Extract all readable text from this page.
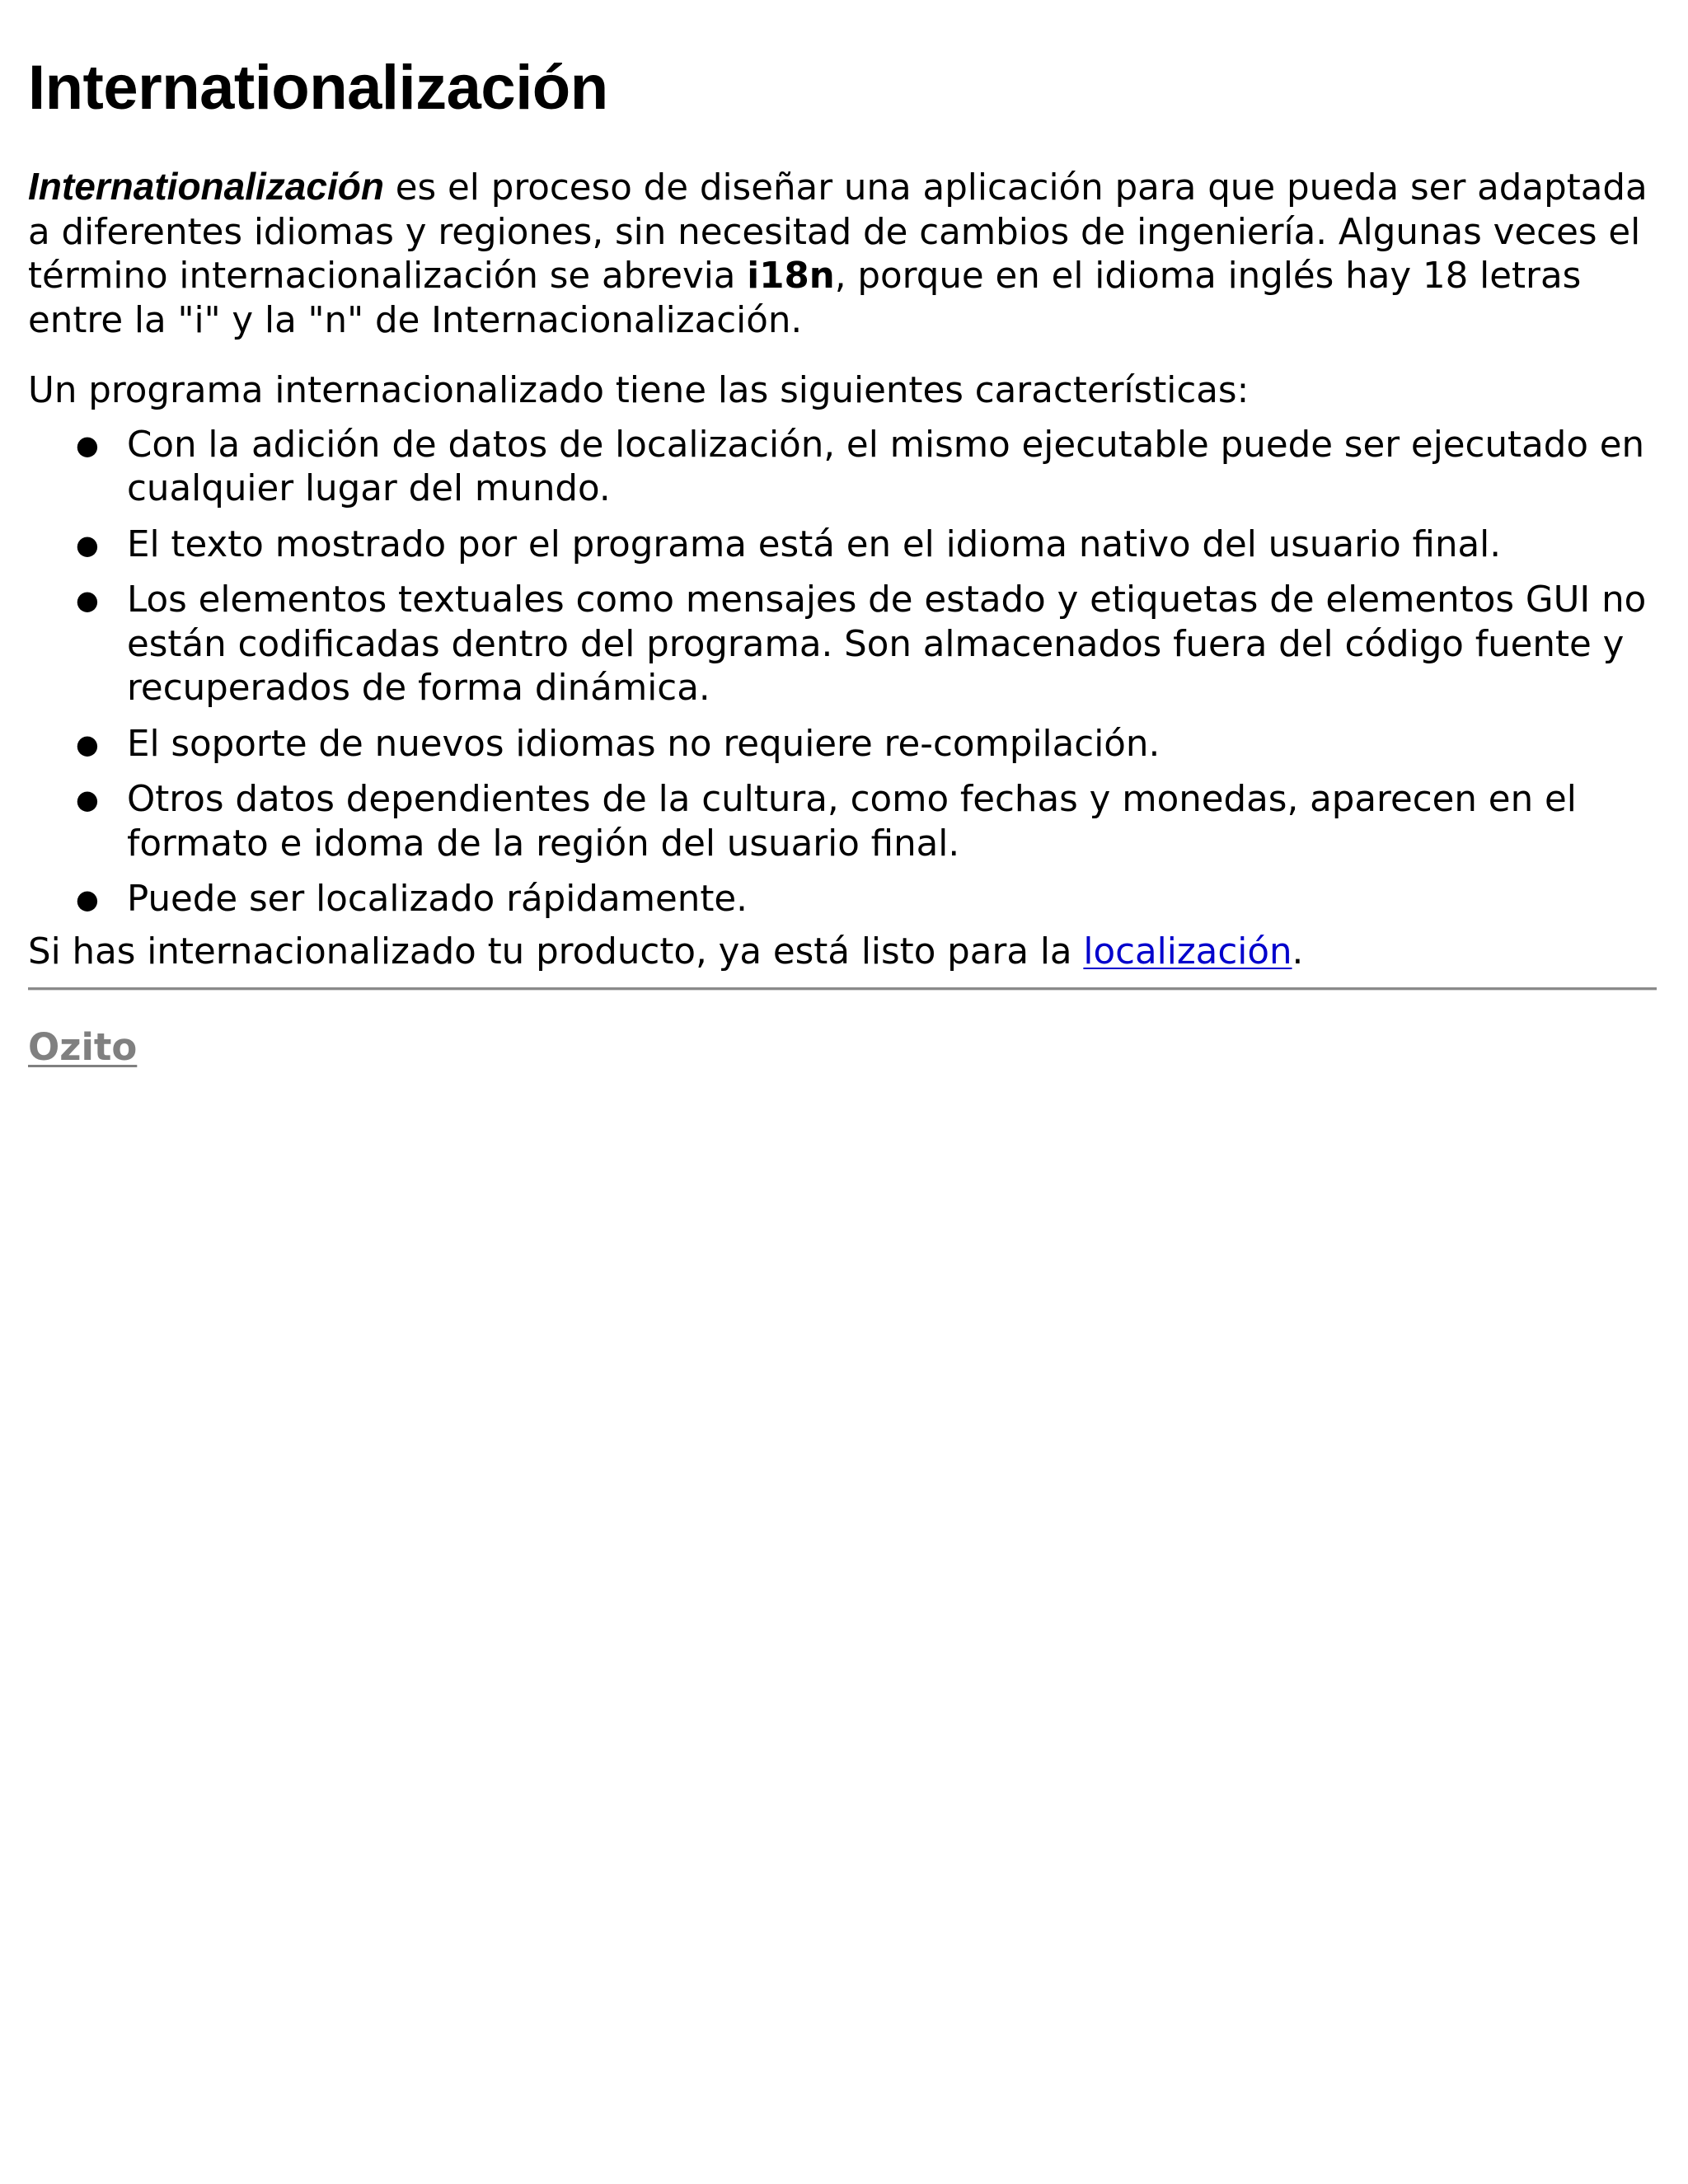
Internationalización

Internationalización es el proceso de diseñar una aplicación para que pueda ser adaptada a diferentes idiomas y regiones, sin necesitad de cambios de ingeniería. Algunas veces el término internacionalización se abrevia i18n, porque en el idioma inglés hay 18 letras entre la "i" y la "n" de Internacionalización.

Un programa internacionalizado tiene las siguientes características:

● Con la adición de datos de localización, el mismo ejecutable puede ser ejecutado en cualquier lugar del mundo.
● El texto mostrado por el programa está en el idioma nativo del usuario final.
● Los elementos textuales como mensajes de estado y etiquetas de elementos GUI no están codificadas dentro del programa. Son almacenados fuera del código fuente y recuperados de forma dinámica.
● El soporte de nuevos idiomas no requiere re-compilación.
● Otros datos dependientes de la cultura, como fechas y monedas, aparecen en el formato e idoma de la región del usuario final.
● Puede ser localizado rápidamente.

Si has internacionalizado tu producto, ya está listo para la localización.

Ozito
